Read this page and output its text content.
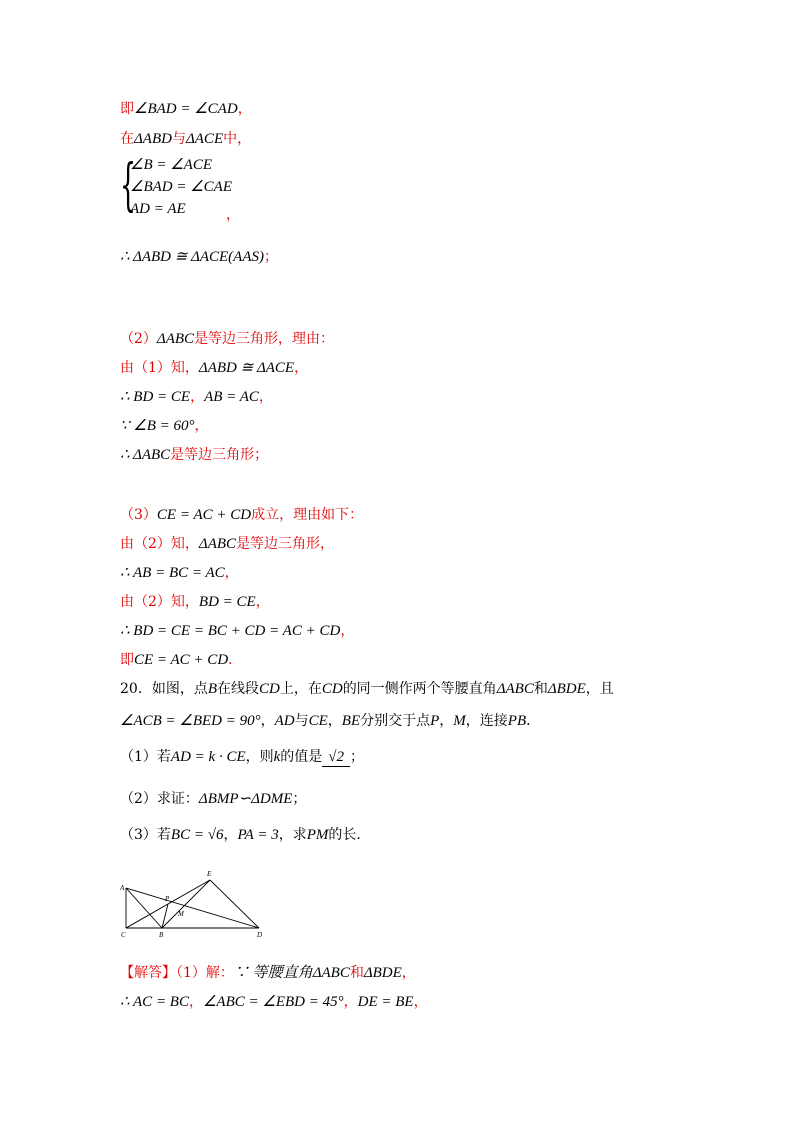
即∠BAD = ∠CAD，
在ΔABD与ΔACE中，
{
∠B = ∠ACE
∠BAD = ∠CAE
AD = AE	，
∴ ΔABD ≅ ΔACE(AAS)；
（2）ΔABC是等边三角形，理由：
由（1）知，ΔABD ≅ ΔACE，
∴ BD = CE，AB = AC，
∵ ∠B = 60°，
∴ ΔABC是等边三角形；
（3）CE = AC + CD成立，理由如下：
由（2）知，ΔABC是等边三角形，
∴ AB = BC = AC，
由（2）知，BD = CE，
∴ BD = CE = BC + CD = AC + CD，
即CE = AC + CD．
20．如图，点B在线段CD上，在CD的同一侧作两个等腰直角ΔABC和ΔBDE，且
∠ACB = ∠BED = 90°，AD与CE，BE分别交于点P，M，连接PB．
（1）若AD = k · CE，则k的值是 √2 ；
（2）求证：ΔBMP∽ΔDME；
（3）若BC = √6，PA = 3，求PM的长．
A
C	B	D
E
P
M
【解答】（1）解：∵ 等腰直角ΔABC和ΔBDE，
∴ AC = BC，∠ABC = ∠EBD = 45°，DE = BE，
